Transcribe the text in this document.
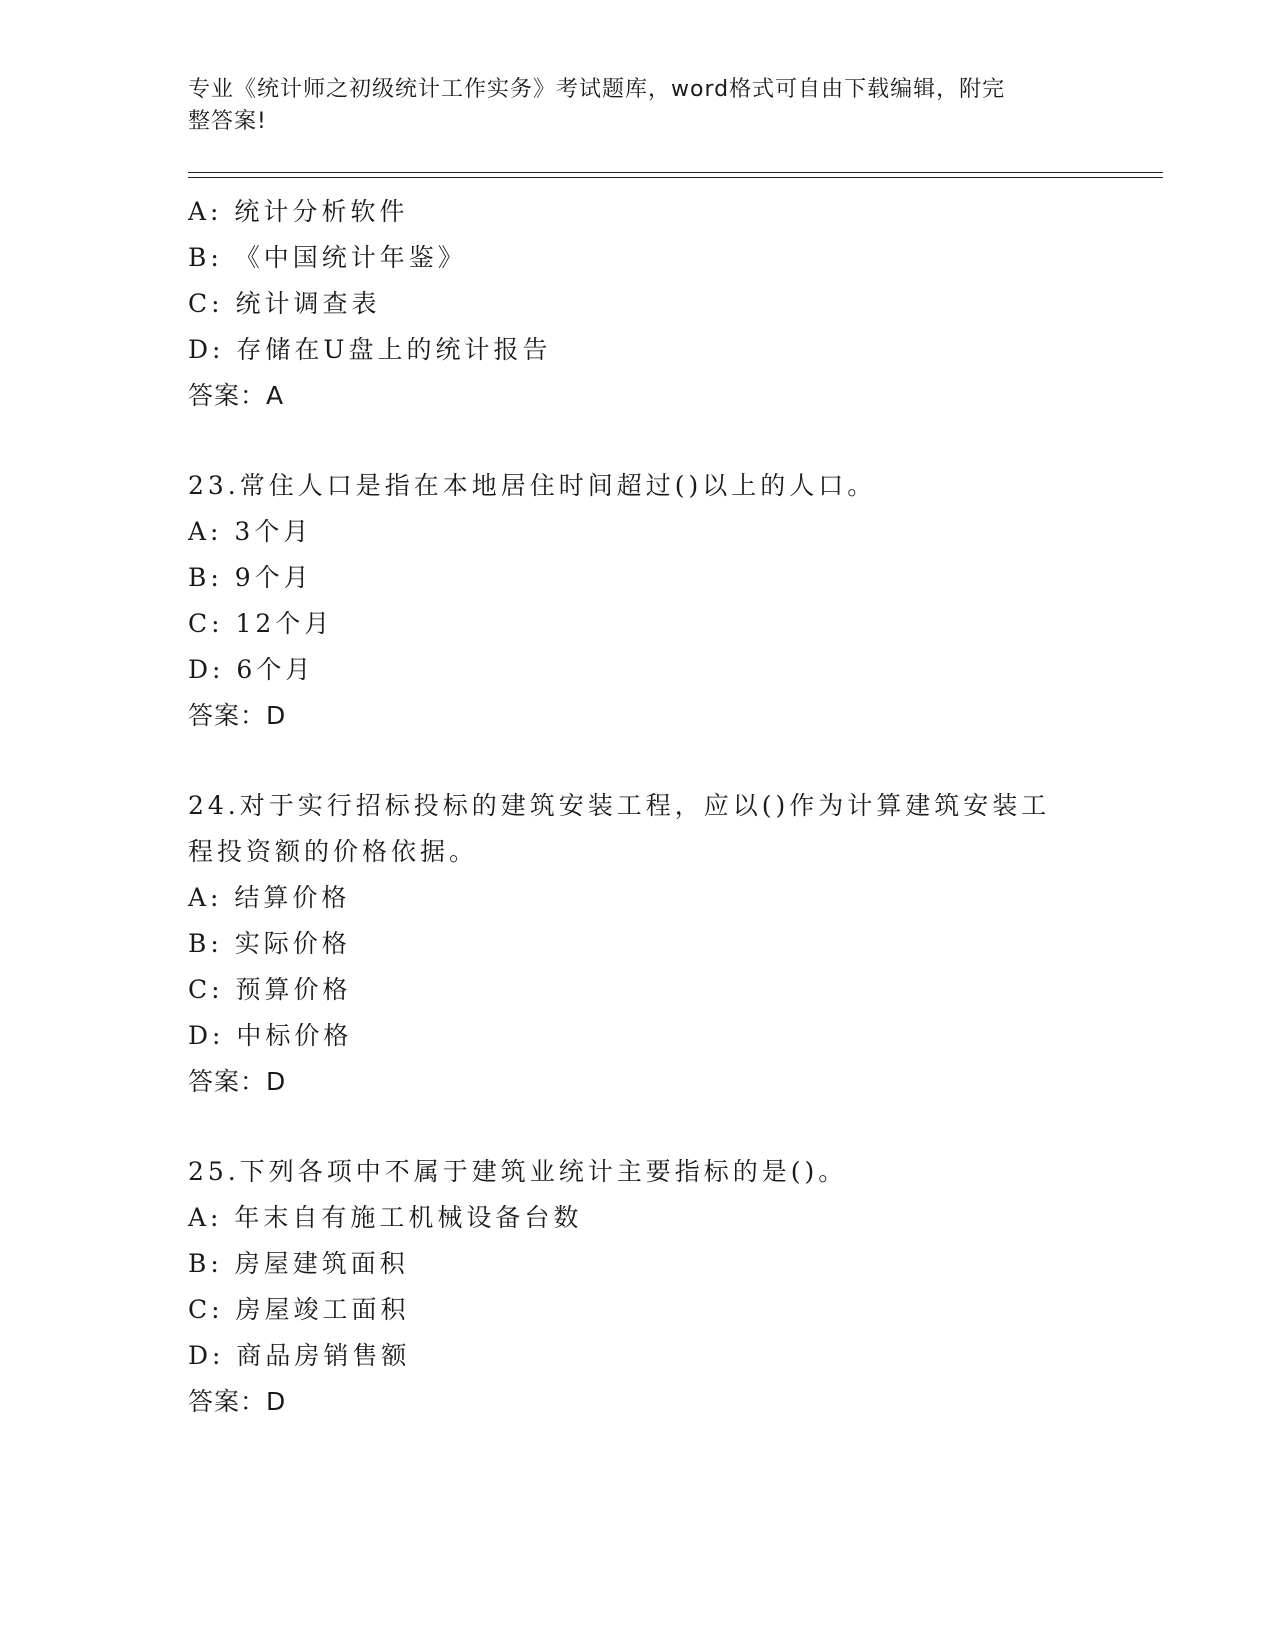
专业《统计师之初级统计工作实务》考试题库，word格式可自由下载编辑，附完
整答案!
A: 统计分析软件
B: 《中国统计年鉴》
C: 统计调查表
D: 存储在U盘上的统计报告
答案：A
23.常住人口是指在本地居住时间超过()以上的人口。
A: 3个月
B: 9个月
C: 12个月
D: 6个月
答案：D
24.对于实行招标投标的建筑安装工程，应以()作为计算建筑安装工
程投资额的价格依据。
A: 结算价格
B: 实际价格
C: 预算价格
D: 中标价格
答案：D
25.下列各项中不属于建筑业统计主要指标的是()。
A: 年末自有施工机械设备台数
B: 房屋建筑面积
C: 房屋竣工面积
D: 商品房销售额
答案：D
